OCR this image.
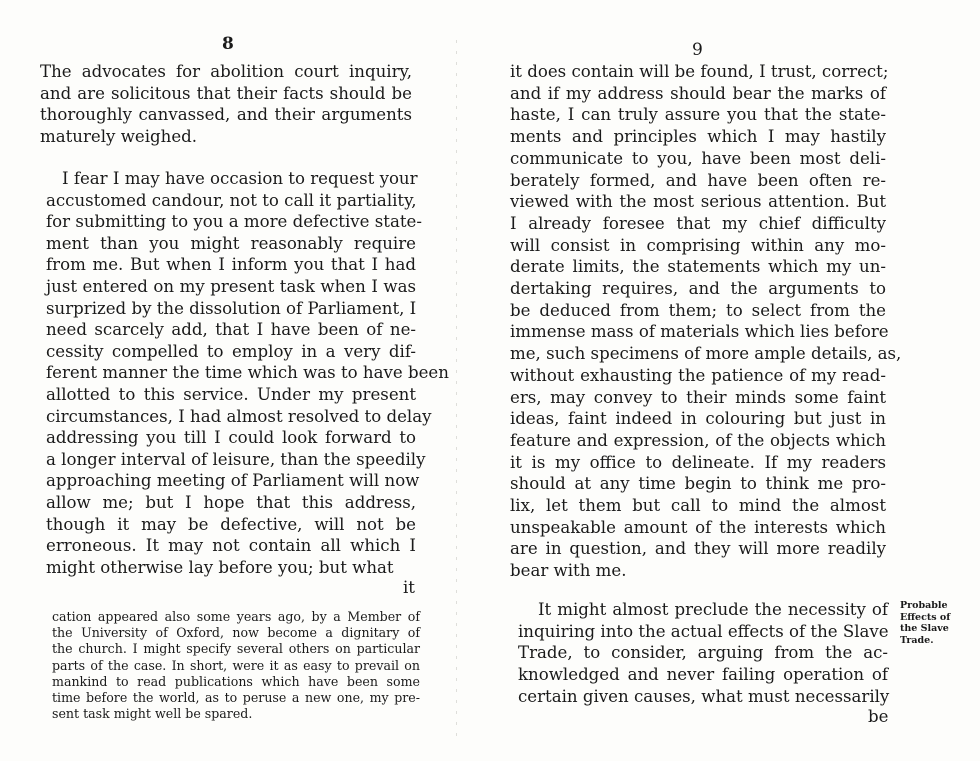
8
The advocates for abolition court inquiry,
and are solicitous that their facts should be
thoroughly canvassed, and their arguments
maturely weighed.
I fear I may have occasion to request your
accustomed candour, not to call it partiality,
for submitting to you a more defective state-
ment than you might reasonably require
from me. But when I inform you that I had
just entered on my present task when I was
surprized by the dissolution of Parliament, I
need scarcely add, that I have been of ne-
cessity compelled to employ in a very dif-
ferent manner the time which was to have been
allotted to this service. Under my present
circumstances, I had almost resolved to delay
addressing you till I could look forward to
a longer interval of leisure, than the speedily
approaching meeting of Parliament will now
allow me; but I hope that this address,
though it may be defective, will not be
erroneous. It may not contain all which I
might otherwise lay before you; but what
it
cation appeared also some years ago, by a Member of
the University of Oxford, now become a dignitary of
the church. I might specify several others on particular
parts of the case. In short, were it as easy to prevail on
mankind to read publications which have been some
time before the world, as to peruse a new one, my pre-
sent task might well be spared.
9
it does contain will be found, I trust, correct;
and if my address should bear the marks of
haste, I can truly assure you that the state-
ments and principles which I may hastily
communicate to you, have been most deli-
berately formed, and have been often re-
viewed with the most serious attention. But
I already foresee that my chief difficulty
will consist in comprising within any mo-
derate limits, the statements which my un-
dertaking requires, and the arguments to
be deduced from them; to select from the
immense mass of materials which lies before
me, such specimens of more ample details, as,
without exhausting the patience of my read-
ers, may convey to their minds some faint
ideas, faint indeed in colouring but just in
feature and expression, of the objects which
it is my office to delineate. If my readers
should at any time begin to think me pro-
lix, let them but call to mind the almost
unspeakable amount of the interests which
are in question, and they will more readily
bear with me.
It might almost preclude the necessity of
inquiring into the actual effects of the Slave
Trade, to consider, arguing from the ac-
knowledged and never failing operation of
certain given causes, what must necessarily
be
Probable
Effects of
the Slave
Trade.
